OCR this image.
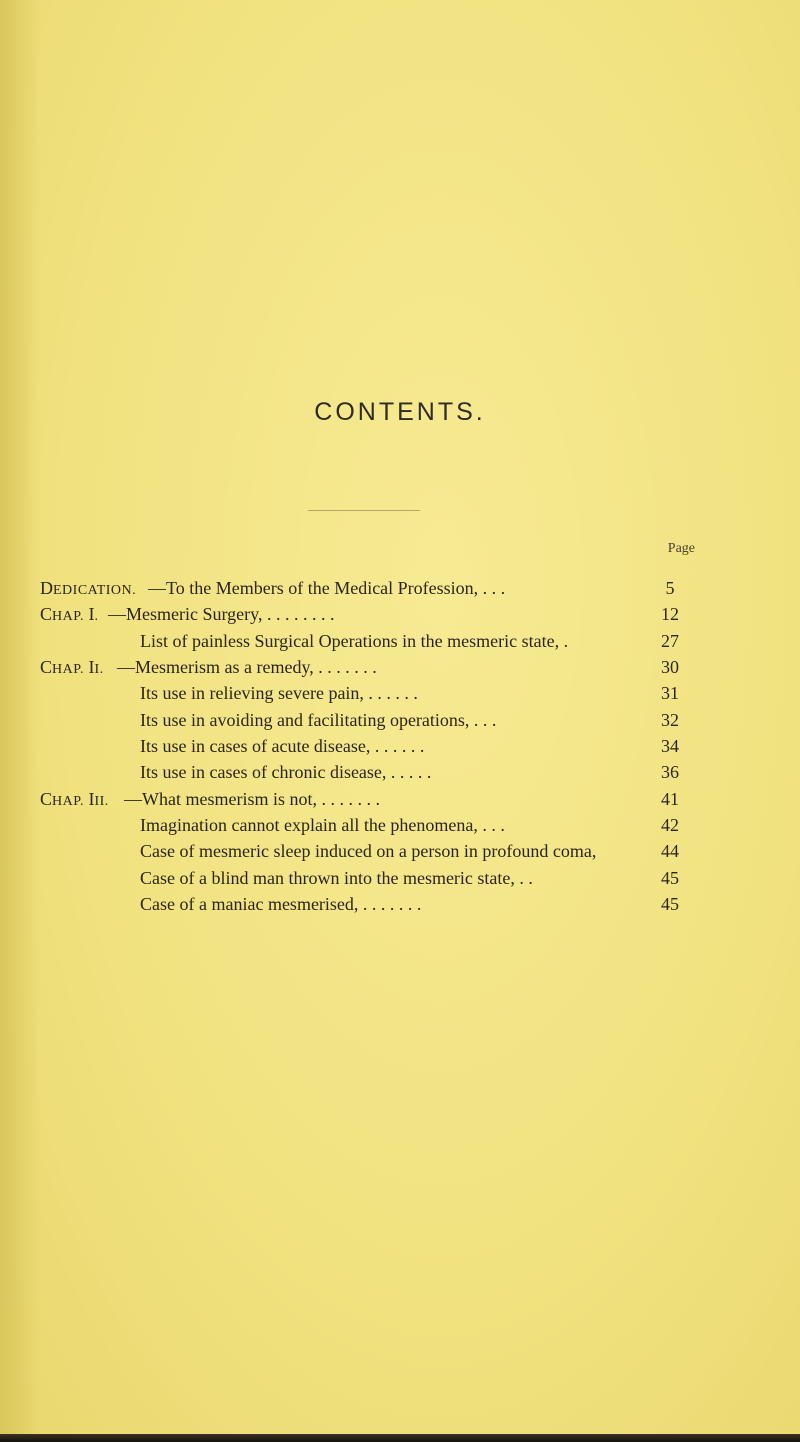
CONTENTS.
Page
DEDICATION. —To the Members of the Medical Profession, . . .	5
CHAP. I. —Mesmeric Surgery, . . . . . . . .	12
List of painless Surgical Operations in the mesmeric state, .	27
CHAP. II. —Mesmerism as a remedy, . . . . . . .	30
Its use in relieving severe pain, . . . . . .	31
Its use in avoiding and facilitating operations, . . .	32
Its use in cases of acute disease, . . . . . .	34
Its use in cases of chronic disease, . . . . .	36
CHAP. III. —What mesmerism is not, . . . . . . .	41
Imagination cannot explain all the phenomena, . . .	42
Case of mesmeric sleep induced on a person in profound coma,	44
Case of a blind man thrown into the mesmeric state, . .	45
Case of a maniac mesmerised, . . . . . . .	45
